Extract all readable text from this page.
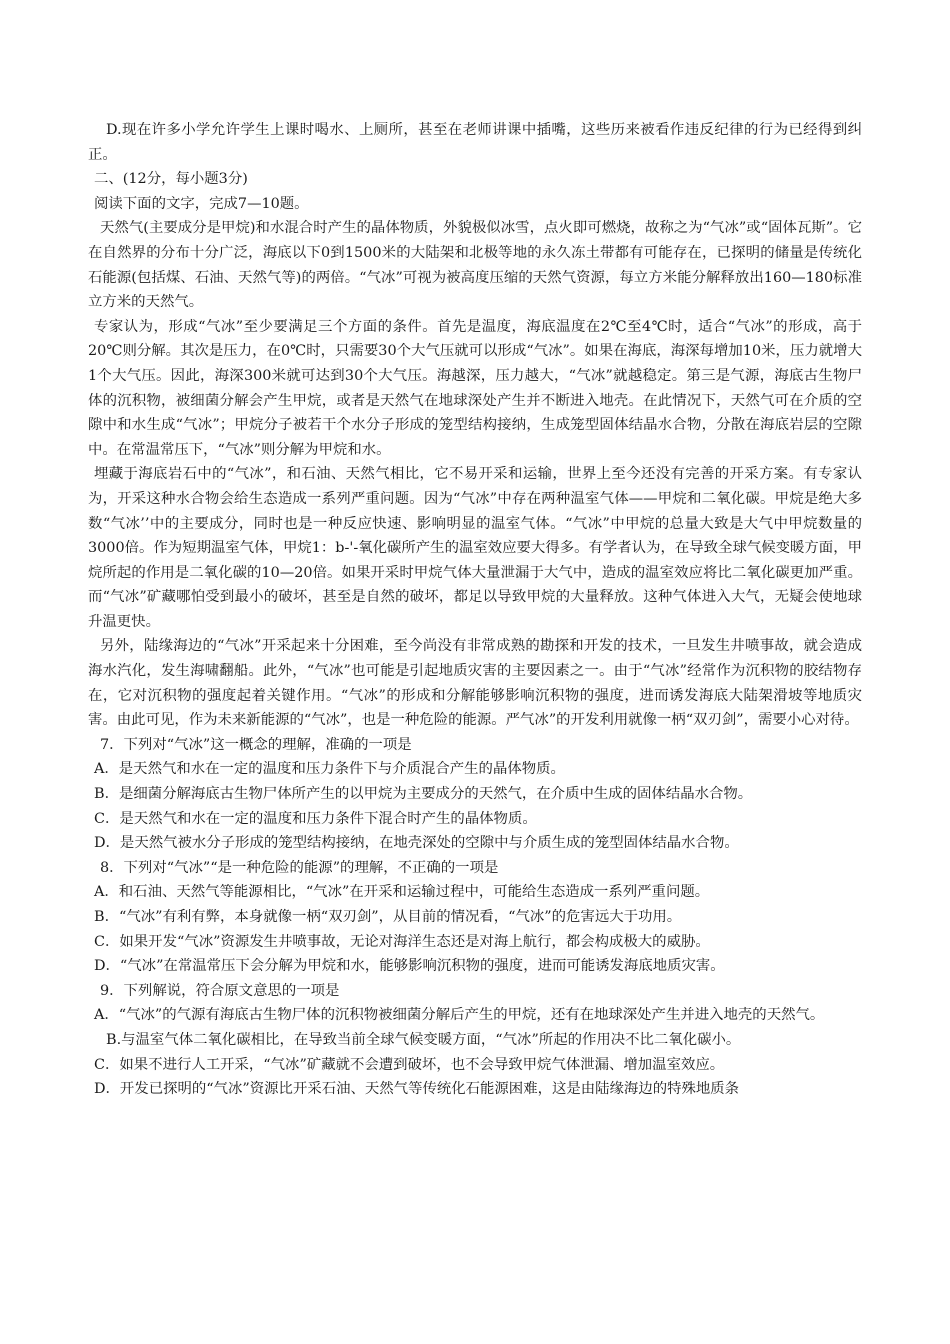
D.现在许多小学允许学生上课时喝水、上厕所，甚至在老师讲课中插嘴，这些历来被看作违反纪律的行为已经得到纠正。

二、(12分，每小题3分)

阅读下面的文字，完成7—10题。

天然气(主要成分是甲烷)和水混合时产生的晶体物质，外貌极似冰雪，点火即可燃烧，故称之为“气冰”或“固体瓦斯”。它在自然界的分布十分广泛，海底以下0到1500米的大陆架和北极等地的永久冻土带都有可能存在，已探明的储量是传统化石能源(包括煤、石油、天然气等)的两倍。“气冰”可视为被高度压缩的天然气资源，每立方米能分解释放出160—180标准立方米的天然气。

专家认为，形成“气冰”至少要满足三个方面的条件。首先是温度，海底温度在2℃至4℃时，适合“气冰”的形成，高于20℃则分解。其次是压力，在0℃时，只需要30个大气压就可以形成“气冰”。如果在海底，海深每增加10米，压力就增大1个大气压。因此，海深300米就可达到30个大气压。海越深，压力越大，“气冰”就越稳定。第三是气源，海底古生物尸体的沉积物，被细菌分解会产生甲烷，或者是天然气在地球深处产生并不断进入地壳。在此情况下，天然气可在介质的空隙中和水生成“气冰”；甲烷分子被若干个水分子形成的笼型结构接纳，生成笼型固体结晶水合物，分散在海底岩层的空隙中。在常温常压下，“气冰”则分解为甲烷和水。

埋藏于海底岩石中的“气冰”，和石油、天然气相比，它不易开采和运输，世界上至今还没有完善的开采方案。有专家认为，开采这种水合物会给生态造成一系列严重问题。因为“气冰”中存在两种温室气体——甲烷和二氧化碳。甲烷是绝大多数“气冰’’中的主要成分，同时也是一种反应快速、影响明显的温室气体。“气冰”中甲烷的总量大致是大气中甲烷数量的3000倍。作为短期温室气体，甲烷1：b-'-氧化碳所产生的温室效应要大得多。有学者认为，在导致全球气候变暖方面，甲烷所起的作用是二氧化碳的10—20倍。如果开采时甲烷气体大量泄漏于大气中，造成的温室效应将比二氧化碳更加严重。而“气冰”矿藏哪怕受到最小的破坏，甚至是自然的破坏，都足以导致甲烷的大量释放。这种气体进入大气，无疑会使地球升温更快。

另外，陆缘海边的“气冰”开采起来十分困难，至今尚没有非常成熟的勘探和开发的技术，一旦发生井喷事故，就会造成海水汽化，发生海啸翻船。此外，“气冰”也可能是引起地质灾害的主要因素之一。由于“气冰”经常作为沉积物的胶结物存在，它对沉积物的强度起着关键作用。“气冰”的形成和分解能够影响沉积物的强度，进而诱发海底大陆架滑坡等地质灾害。由此可见，作为未来新能源的“气冰”，也是一种危险的能源。严气冰”的开发利用就像一柄“双刃剑”，需要小心对待。

7．下列对“气冰”这一概念的理解，准确的一项是

A．是天然气和水在一定的温度和压力条件下与介质混合产生的晶体物质。

B．是细菌分解海底古生物尸体所产生的以甲烷为主要成分的天然气，在介质中生成的固体结晶水合物。

C．是天然气和水在一定的温度和压力条件下混合时产生的晶体物质。

D．是天然气被水分子形成的笼型结构接纳，在地壳深处的空隙中与介质生成的笼型固体结晶水合物。

8．下列对“气冰”“是一种危险的能源”的理解，不正确的一项是

A．和石油、天然气等能源相比，“气冰”在开采和运输过程中，可能给生态造成一系列严重问题。

B．“气冰”有利有弊，本身就像一柄“双刃剑”，从目前的情况看，“气冰”的危害远大于功用。

C．如果开发“气冰”资源发生井喷事故，无论对海洋生态还是对海上航行，都会构成极大的威胁。

D．“气冰”在常温常压下会分解为甲烷和水，能够影响沉积物的强度，进而可能诱发海底地质灾害。

9．下列解说，符合原文意思的一项是

A．“气冰”的气源有海底古生物尸体的沉积物被细菌分解后产生的甲烷，还有在地球深处产生并进入地壳的天然气。

B.与温室气体二氧化碳相比，在导致当前全球气候变暖方面，“气冰”所起的作用决不比二氧化碳小。

C．如果不进行人工开采，“气冰”矿藏就不会遭到破坏，也不会导致甲烷气体泄漏、增加温室效应。

D．开发已探明的“气冰”资源比开采石油、天然气等传统化石能源困难，这是由陆缘海边的特殊地质条
